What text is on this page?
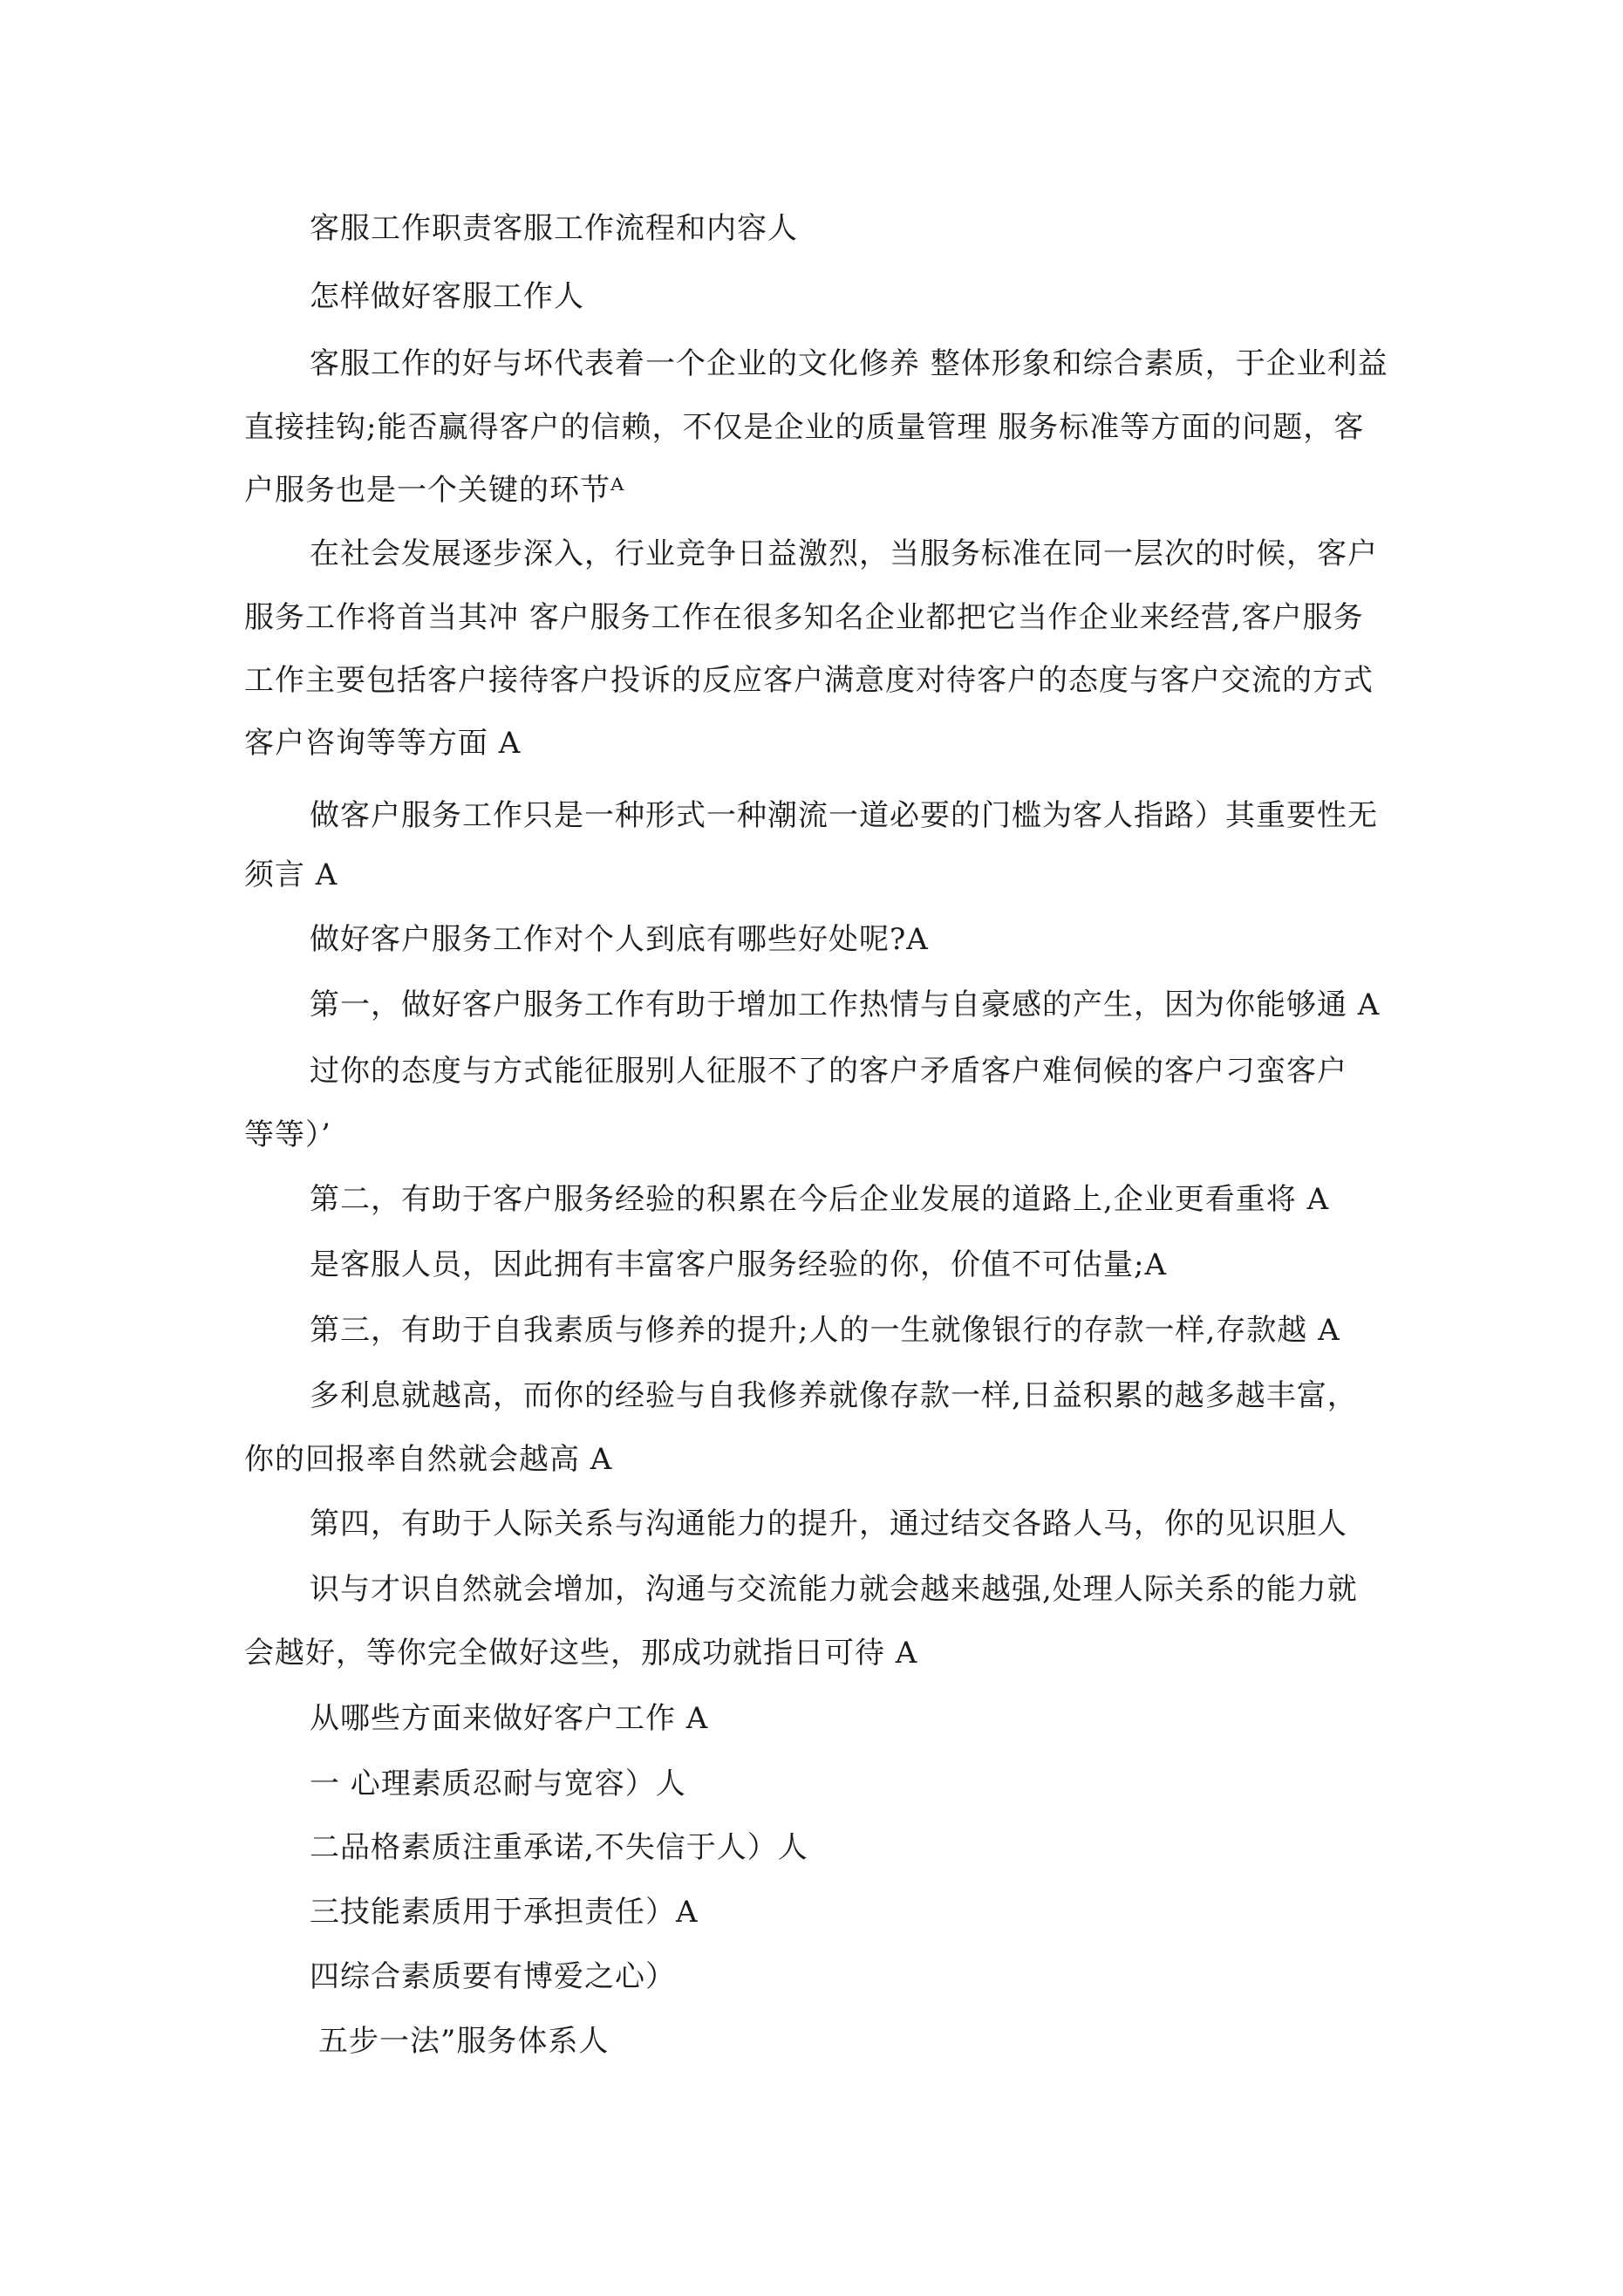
客服工作职责客服工作流程和内容人
怎样做好客服工作人
客服工作的好与坏代表着一个企业的文化修养 整体形象和综合素质，于企业利益
直接挂钩;能否赢得客户的信赖，不仅是企业的质量管理 服务标准等方面的问题，客
户服务也是一个关键的环节ᴬ
在社会发展逐步深入，行业竞争日益激烈，当服务标准在同一层次的时候，客户
服务工作将首当其冲 客户服务工作在很多知名企业都把它当作企业来经营,客户服务
工作主要包括客户接待客户投诉的反应客户满意度对待客户的态度与客户交流的方式
客户咨询等等方面 A
做客户服务工作只是一种形式一种潮流一道必要的门槛为客人指路）其重要性无
须言 A
做好客户服务工作对个人到底有哪些好处呢?A
第一，做好客户服务工作有助于增加工作热情与自豪感的产生，因为你能够通 A
过你的态度与方式能征服别人征服不了的客户矛盾客户难伺候的客户刁蛮客户
等等）’
第二，有助于客户服务经验的积累在今后企业发展的道路上,企业更看重将 A
是客服人员，因此拥有丰富客户服务经验的你，价值不可估量;A
第三，有助于自我素质与修养的提升;人的一生就像银行的存款一样,存款越 A
多利息就越高，而你的经验与自我修养就像存款一样,日益积累的越多越丰富，
你的回报率自然就会越高 A
第四，有助于人际关系与沟通能力的提升，通过结交各路人马，你的见识胆人
识与才识自然就会增加，沟通与交流能力就会越来越强,处理人际关系的能力就
会越好，等你完全做好这些，那成功就指日可待 A
从哪些方面来做好客户工作 A
一 心理素质忍耐与宽容）人
二品格素质注重承诺,不失信于人）人
三技能素质用于承担责任）A
四综合素质要有博爱之心）
五步一法”服务体系人
